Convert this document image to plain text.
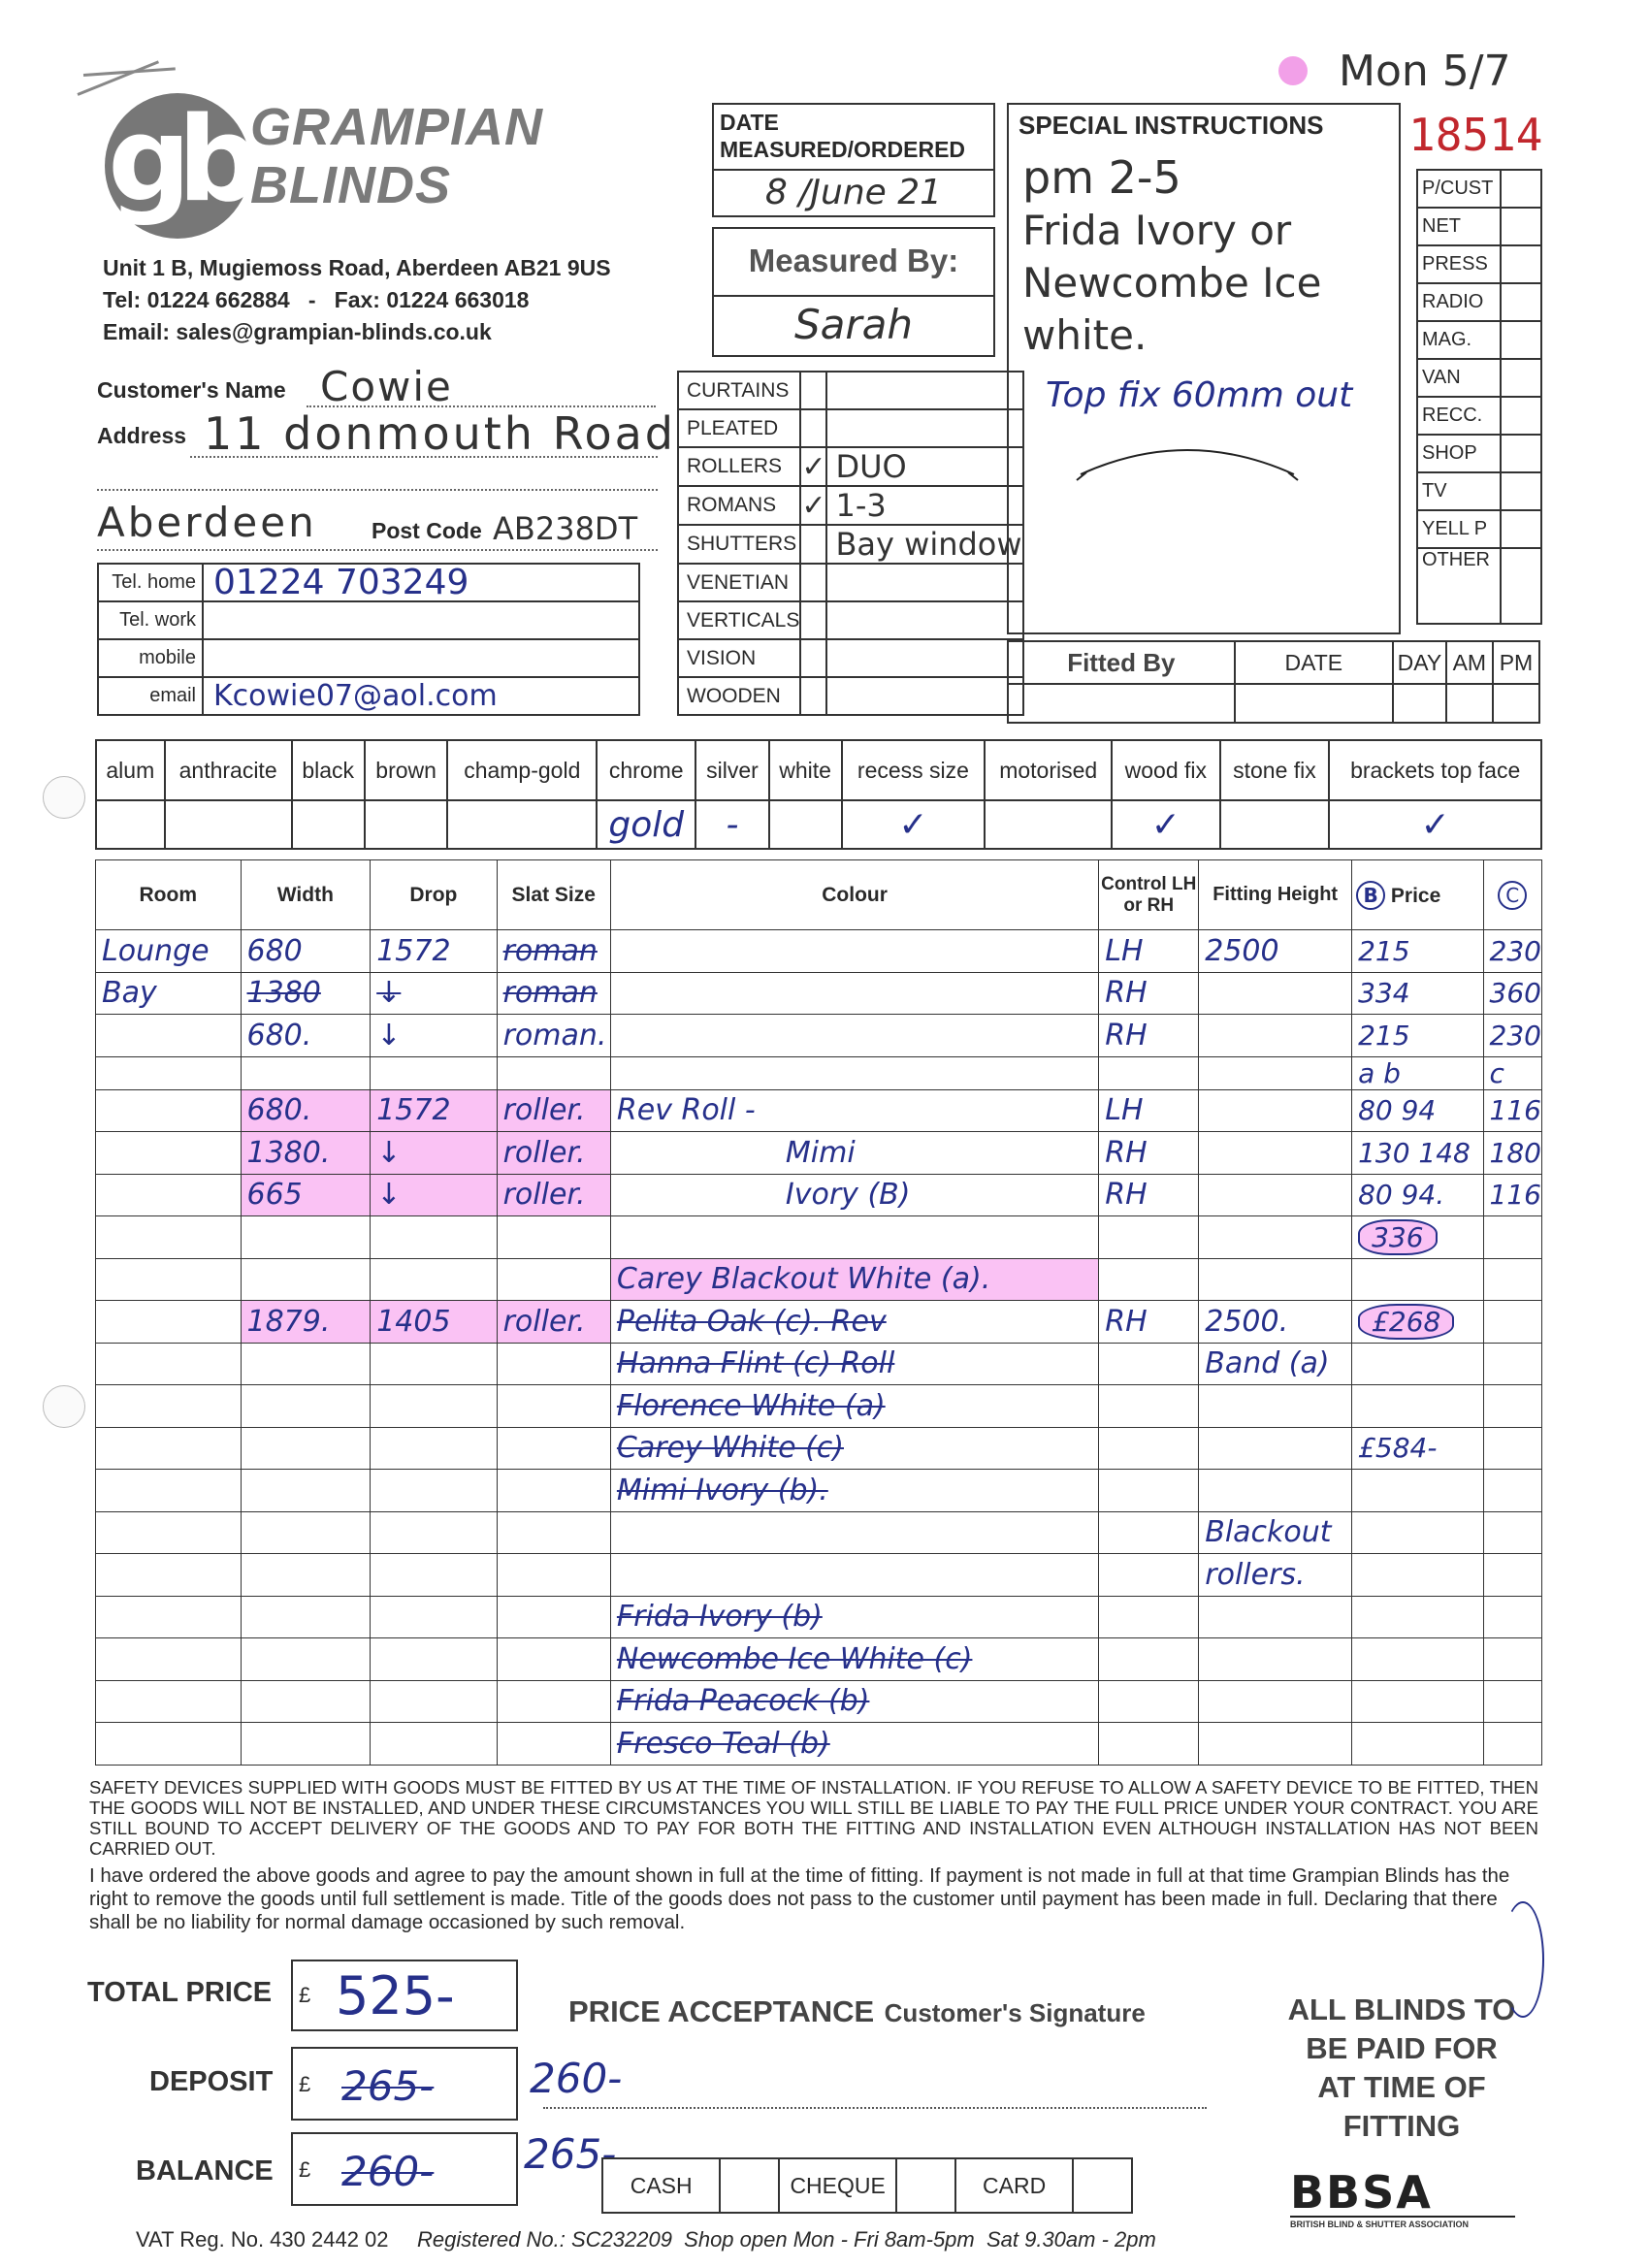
gb GRAMPIAN
BLINDS
Unit 1 B, Mugiemoss Road, Aberdeen AB21 9US
Tel: 01224 662884   -   Fax: 01224 663018
Email: sales@grampian-blinds.co.uk
Mon 5/7
18514
DATE MEASURED/ORDERED
8 /June 21
Measured By:
Sarah
SPECIAL INSTRUCTIONS
pm 2-5
Frida Ivory or
Newcombe Ice
white.
Top fix 60mm out
P/CUST	
NET	
PRESS	
RADIO	
MAG.	
VAN	
RECC.	
SHOP	
TV	
YELL P	
OTHER	
Customer's Name Cowie
Address 11 donmouth Road
Aberdeen Post Code AB238DT
Tel. home	01224 703249
Tel. work	
mobile	
email	Kcowie07@aol.com
CURTAINS		
PLEATED		
ROLLERS	✓	DUO
ROMANS	✓	1-3
SHUTTERS		Bay window
VENETIAN		
VERTICALS		
VISION		
WOODEN		
Fitted By	DATE	DAY	AM	PM

alum	anthracite	black	brown	champ-gold	chrome	silver	white	recess size	motorised	wood fix	stone fix	brackets top face
					gold	-		✓		✓		✓
Room	Width	Drop	Slat Size	Colour	Control LH or RH	Fitting Height	B Price	C
Lounge	680	1572	roman		LH	2500	215	230
Bay	1380	↓	roman		RH		334	360
	680.	↓	roman.		RH		215	230
							a b	c
	680.	1572	roller.	Rev Roll -	LH		80 94	116
	1380.	↓	roller.	Mimi	RH		130 148	180
	665	↓	roller.	Ivory (B)	RH		80 94.	116
							336	
				Carey Blackout White (a).				
	1879.	1405	roller.	Pelita Oak (c). Rev	RH	2500.	£268	
				Hanna Flint (c) Roll		Band (a)		
				Florence White (a)				
				Carey White (c)			£584-	
				Mimi Ivory (b).				
						Blackout		
						rollers.		
				Frida Ivory (b)				
				Newcombe Ice White (c)				
				Frida Peacock (b)				
				Fresco Teal (b)				
SAFETY DEVICES SUPPLIED WITH GOODS MUST BE FITTED BY US AT THE TIME OF INSTALLATION. IF YOU REFUSE TO ALLOW A SAFETY DEVICE TO BE FITTED, THEN THE GOODS WILL NOT BE INSTALLED, AND UNDER THESE CIRCUMSTANCES YOU WILL STILL BE LIABLE TO PAY THE FULL PRICE UNDER YOUR CONTRACT. YOU ARE STILL BOUND TO ACCEPT DELIVERY OF THE GOODS AND TO PAY FOR BOTH THE FITTING AND INSTALLATION EVEN ALTHOUGH INSTALLATION HAS NOT BEEN CARRIED OUT.
I have ordered the above goods and agree to pay the amount shown in full at the time of fitting. If payment is not made in full at that time Grampian Blinds has the right to remove the goods until full settlement is made. Title of the goods does not pass to the customer until payment has been made in full. Declaring that there shall be no liability for normal damage occasioned by such removal.
TOTAL PRICE £ 525-
DEPOSIT £ 265- 260-
BALANCE £ 260- 265-
PRICE ACCEPTANCE Customer's Signature
CASH		CHEQUE		CARD	
ALL BLINDS TO
BE PAID FOR
AT TIME OF
FITTING
BBSA
BRITISH BLIND & SHUTTER ASSOCIATION
VAT Reg. No. 430 2442 02 Registered No.: SC232209  Shop open Mon - Fri 8am-5pm  Sat 9.30am - 2pm
